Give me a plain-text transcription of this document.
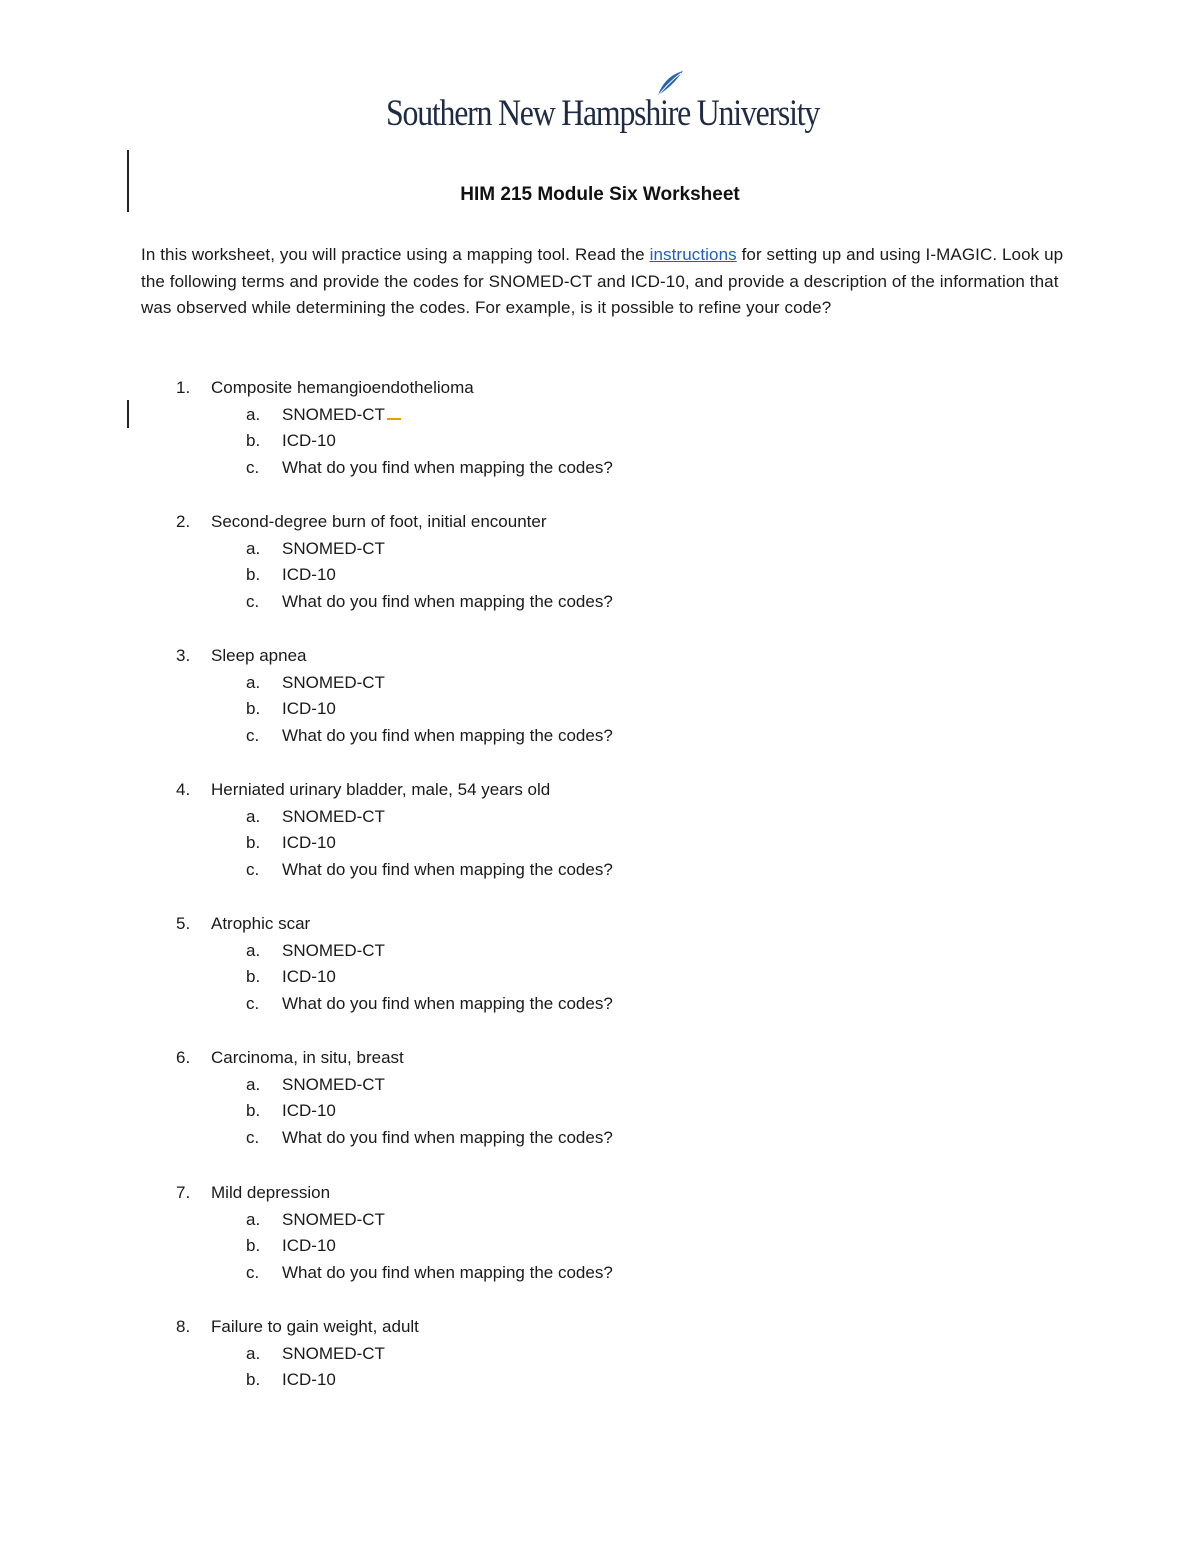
Southern New Hampshire University
HIM 215 Module Six Worksheet
In this worksheet, you will practice using a mapping tool. Read the instructions for setting up and using I-MAGIC. Look up the following terms and provide the codes for SNOMED-CT and ICD-10, and provide a description of the information that was observed while determining the codes. For example, is it possible to refine your code?
1. Composite hemangioendothelioma
a. SNOMED-CT
b. ICD-10
c. What do you find when mapping the codes?
2. Second-degree burn of foot, initial encounter
a. SNOMED-CT
b. ICD-10
c. What do you find when mapping the codes?
3. Sleep apnea
a. SNOMED-CT
b. ICD-10
c. What do you find when mapping the codes?
4. Herniated urinary bladder, male, 54 years old
a. SNOMED-CT
b. ICD-10
c. What do you find when mapping the codes?
5. Atrophic scar
a. SNOMED-CT
b. ICD-10
c. What do you find when mapping the codes?
6. Carcinoma, in situ, breast
a. SNOMED-CT
b. ICD-10
c. What do you find when mapping the codes?
7. Mild depression
a. SNOMED-CT
b. ICD-10
c. What do you find when mapping the codes?
8. Failure to gain weight, adult
a. SNOMED-CT
b. ICD-10
